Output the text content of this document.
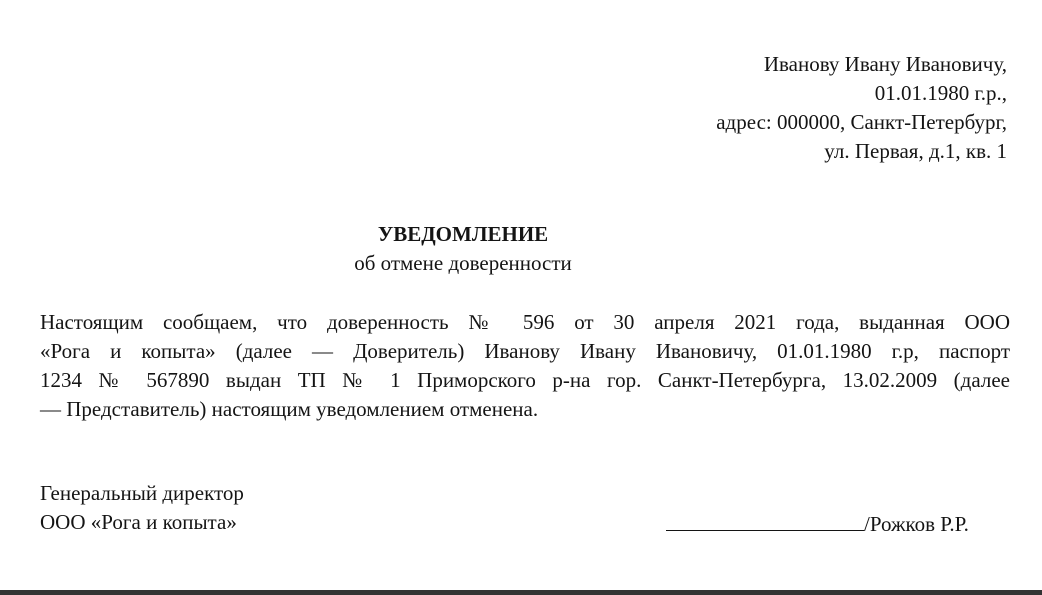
Иванову Ивану Ивановичу,
01.01.1980 г.р.,
адрес: 000000, Санкт-Петербург,
ул. Первая, д.1, кв. 1
УВЕДОМЛЕНИЕ
об отмене доверенности
Настоящим сообщаем, что доверенность № 596 от 30 апреля 2021 года, выданная ООО
«Рога и копыта» (далее — Доверитель) Иванову Ивану Ивановичу, 01.01.1980 г.р, паспорт
1234 № 567890 выдан ТП № 1 Приморского р-на гор. Санкт-Петербурга, 13.02.2009 (далее
— Представитель) настоящим уведомлением отменена.
Генеральный директор
ООО «Рога и копыта»	/Рожков Р.Р.
